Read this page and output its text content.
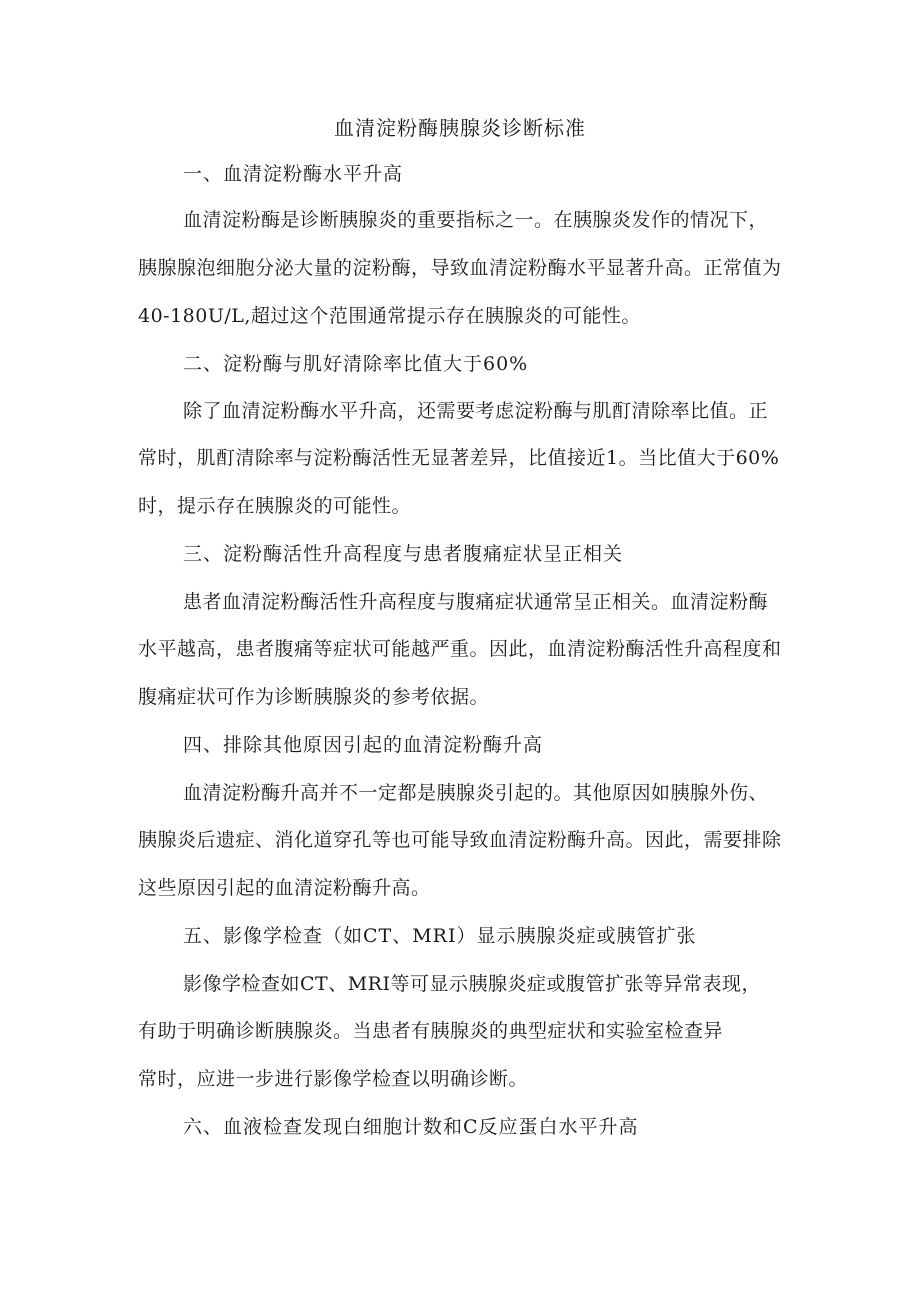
血清淀粉酶胰腺炎诊断标准
一、血清淀粉酶水平升高
血清淀粉酶是诊断胰腺炎的重要指标之一。在胰腺炎发作的情况下，
胰腺腺泡细胞分泌大量的淀粉酶，导致血清淀粉酶水平显著升高。正常值为
40-180U/L,超过这个范围通常提示存在胰腺炎的可能性。
二、淀粉酶与肌好清除率比值大于60%
除了血清淀粉酶水平升高，还需要考虑淀粉酶与肌酊清除率比值。正
常时，肌酊清除率与淀粉酶活性无显著差异，比值接近1。当比值大于60%
时，提示存在胰腺炎的可能性。
三、淀粉酶活性升高程度与患者腹痛症状呈正相关
患者血清淀粉酶活性升高程度与腹痛症状通常呈正相关。血清淀粉酶
水平越高，患者腹痛等症状可能越严重。因此，血清淀粉酶活性升高程度和
腹痛症状可作为诊断胰腺炎的参考依据。
四、排除其他原因引起的血清淀粉酶升高
血清淀粉酶升高并不一定都是胰腺炎引起的。其他原因如胰腺外伤、
胰腺炎后遗症、消化道穿孔等也可能导致血清淀粉酶升高。因此，需要排除
这些原因引起的血清淀粉酶升高。
五、影像学检查（如CT、MRI）显示胰腺炎症或胰管扩张
影像学检查如CT、MRI等可显示胰腺炎症或腹管扩张等异常表现，
有助于明确诊断胰腺炎。当患者有胰腺炎的典型症状和实验室检查异
常时，应进一步进行影像学检查以明确诊断。
六、血液检查发现白细胞计数和C反应蛋白水平升高
